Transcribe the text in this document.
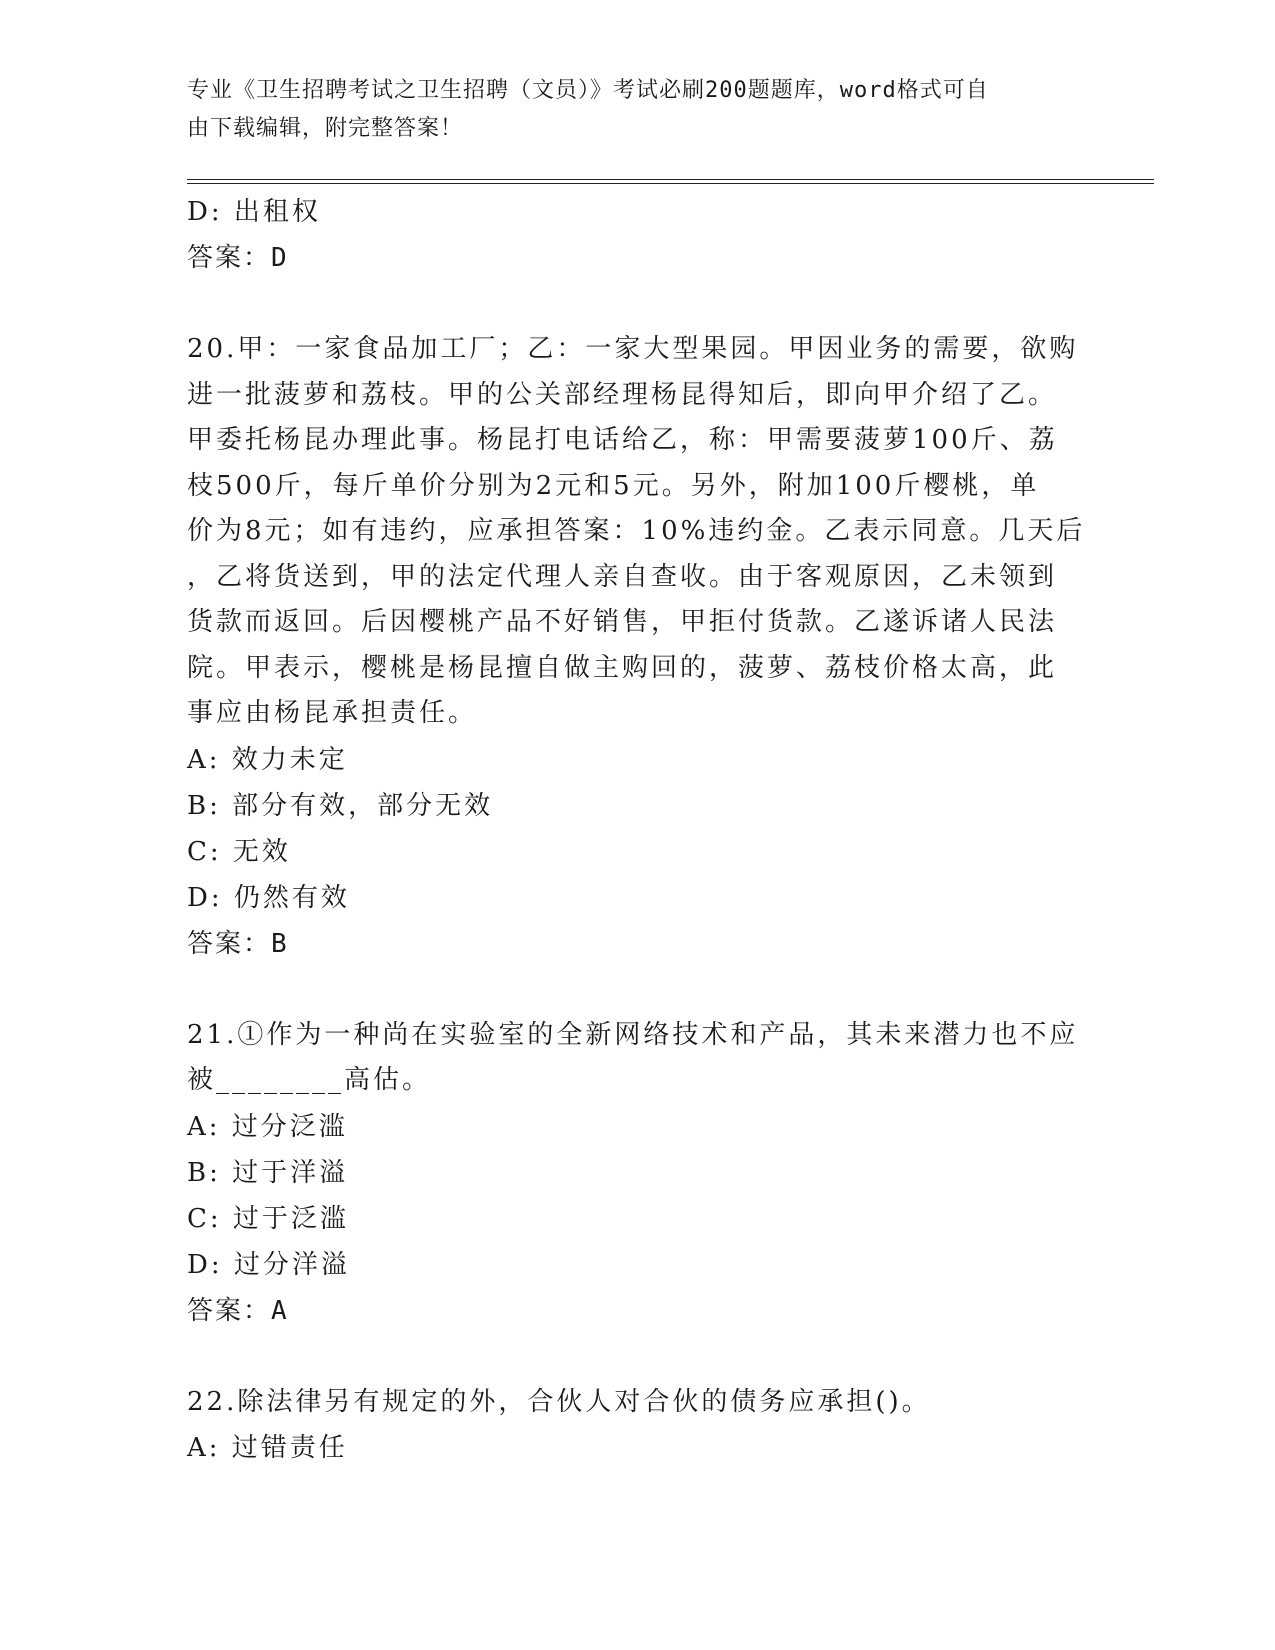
专业《卫生招聘考试之卫生招聘（文员）》考试必刷200题题库，word格式可自
由下载编辑，附完整答案！
D: 出租权
答案：D
20.甲：一家食品加工厂；乙：一家大型果园。甲因业务的需要，欲购
进一批菠萝和荔枝。甲的公关部经理杨昆得知后，即向甲介绍了乙。
甲委托杨昆办理此事。杨昆打电话给乙，称：甲需要菠萝100斤、荔
枝500斤，每斤单价分别为2元和5元。另外，附加100斤樱桃，单
价为8元；如有违约，应承担答案：10%违约金。乙表示同意。几天后
，乙将货送到，甲的法定代理人亲自查收。由于客观原因，乙未领到
货款而返回。后因樱桃产品不好销售，甲拒付货款。乙遂诉诸人民法
院。甲表示，樱桃是杨昆擅自做主购回的，菠萝、荔枝价格太高，此
事应由杨昆承担责任。
A: 效力未定
B: 部分有效，部分无效
C: 无效
D: 仍然有效
答案：B
21.①作为一种尚在实验室的全新网络技术和产品，其未来潜力也不应
被________高估。
A: 过分泛滥
B: 过于洋溢
C: 过于泛滥
D: 过分洋溢
答案：A
22.除法律另有规定的外，合伙人对合伙的债务应承担()。
A: 过错责任
